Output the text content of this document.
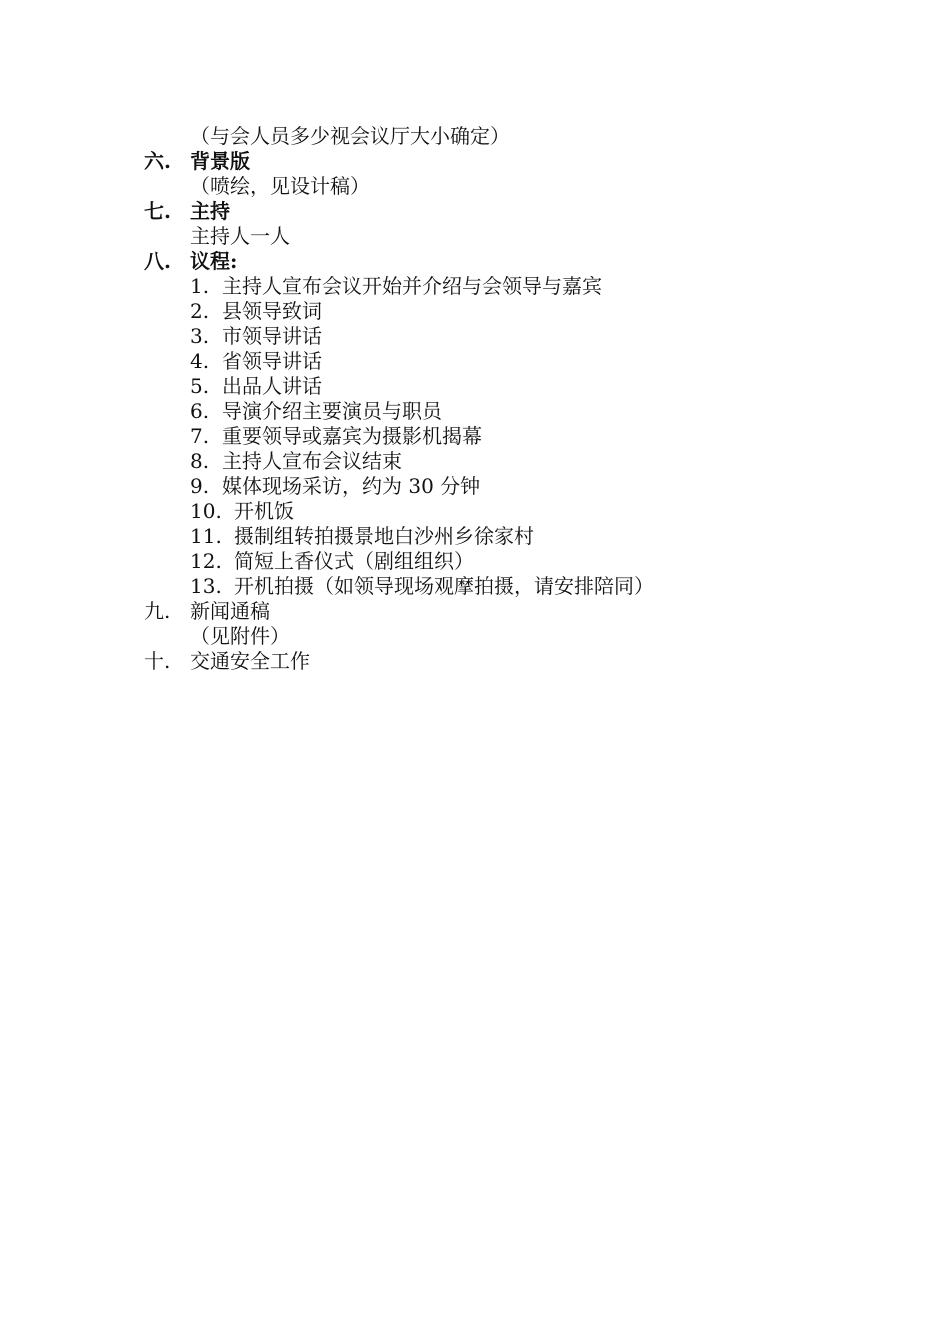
（与会人员多少视会议厅大小确定）
六. 背景版
（喷绘，见设计稿）
七. 主持
主持人一人
八. 议程:
1. 主持人宣布会议开始并介绍与会领导与嘉宾
2. 县领导致词
3. 市领导讲话
4. 省领导讲话
5. 出品人讲话
6. 导演介绍主要演员与职员
7. 重要领导或嘉宾为摄影机揭幕
8. 主持人宣布会议结束
9. 媒体现场采访，约为 30 分钟
10. 开机饭
11. 摄制组转拍摄景地白沙州乡徐家村
12. 简短上香仪式（剧组组织）
13. 开机拍摄（如领导现场观摩拍摄，请安排陪同）
九. 新闻通稿
（见附件）
十. 交通安全工作
